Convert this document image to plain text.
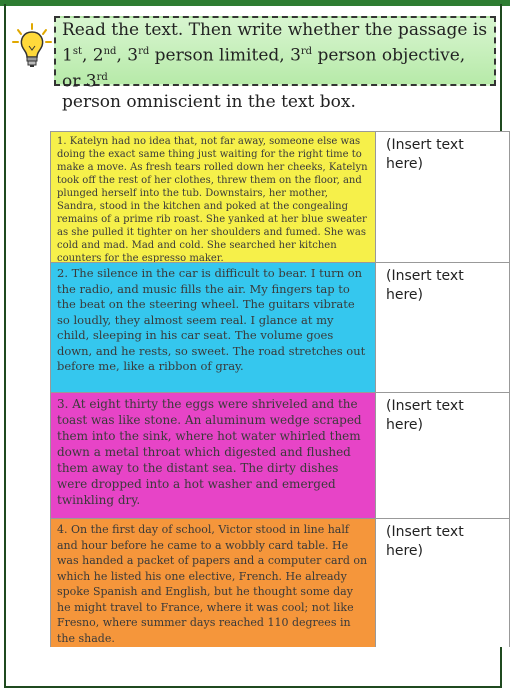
Read the text. Then write whether the passage is
1st, 2nd, 3rd person limited, 3rd person objective, or 3rd
person omniscient in the text box.
1. Katelyn had no idea that, not far away, someone else was doing the exact same thing just waiting for the right time to make a move. As fresh tears rolled down her cheeks, Katelyn took off the rest of her clothes, threw them on the floor, and plunged herself into the tub. Downstairs, her mother, Sandra, stood in the kitchen and poked at the congealing remains of a prime rib roast. She yanked at her blue sweater as she pulled it tighter on her shoulders and fumed. She was cold and mad. Mad and cold. She searched her kitchen counters for the espresso maker.
(Insert text here)
2. The silence in the car is difficult to bear. I turn on the radio, and music fills the air. My fingers tap to the beat on the steering wheel. The guitars vibrate so loudly, they almost seem real. I glance at my child, sleeping in his car seat. The volume goes down, and he rests, so sweet. The road stretches out before me, like a ribbon of gray.
(Insert text here)
3. At eight thirty the eggs were shriveled and the toast was like stone. An aluminum wedge scraped them into the sink, where hot water whirled them down a metal throat which digested and flushed them away to the distant sea. The dirty dishes were dropped into a hot washer and emerged twinkling dry.
(Insert text here)
4. On the first day of school, Victor stood in line half and hour before he came to a wobbly card table. He was handed a packet of papers and a computer card on which he listed his one elective, French. He already spoke Spanish and English, but he thought some day he might travel to France, where it was cool; not like Fresno, where summer days reached 110 degrees in the shade.
(Insert text here)
